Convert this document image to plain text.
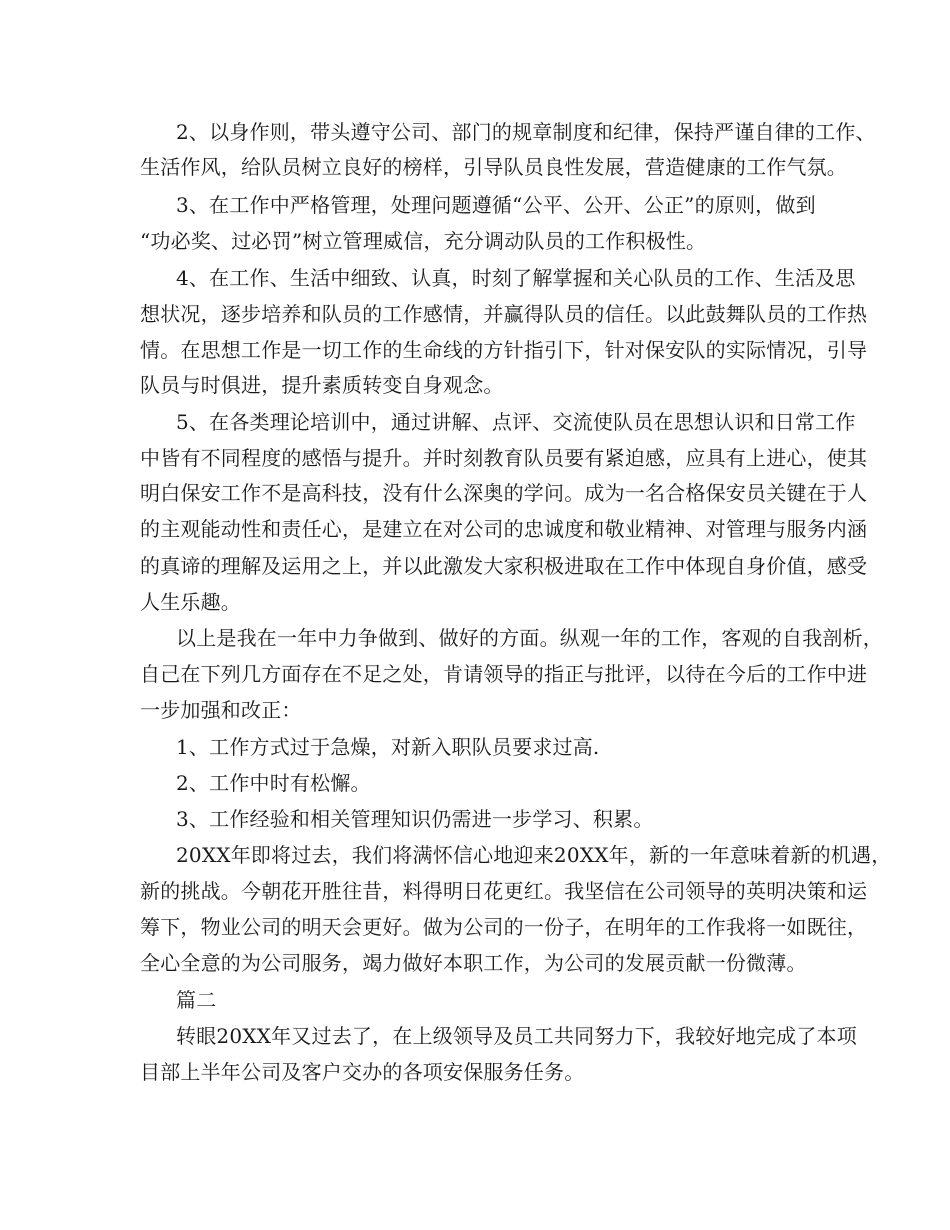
2、以身作则，带头遵守公司、部门的规章制度和纪律，保持严谨自律的工作、
生活作风，给队员树立良好的榜样，引导队员良性发展，营造健康的工作气氛。
3、在工作中严格管理，处理问题遵循“公平、公开、公正”的原则，做到
“功必奖、过必罚”树立管理威信，充分调动队员的工作积极性。
4、在工作、生活中细致、认真，时刻了解掌握和关心队员的工作、生活及思
想状况，逐步培养和队员的工作感情，并赢得队员的信任。以此鼓舞队员的工作热
情。在思想工作是一切工作的生命线的方针指引下，针对保安队的实际情况，引导
队员与时俱进，提升素质转变自身观念。
5、在各类理论培训中，通过讲解、点评、交流使队员在思想认识和日常工作
中皆有不同程度的感悟与提升。并时刻教育队员要有紧迫感，应具有上进心，使其
明白保安工作不是高科技，没有什么深奥的学问。成为一名合格保安员关键在于人
的主观能动性和责任心，是建立在对公司的忠诚度和敬业精神、对管理与服务内涵
的真谛的理解及运用之上，并以此激发大家积极进取在工作中体现自身价值，感受
人生乐趣。
以上是我在一年中力争做到、做好的方面。纵观一年的工作，客观的自我剖析，
自己在下列几方面存在不足之处，肯请领导的指正与批评，以待在今后的工作中进
一步加强和改正：
1、工作方式过于急燥，对新入职队员要求过高.
2、工作中时有松懈。
3、工作经验和相关管理知识仍需进一步学习、积累。
20XX年即将过去，我们将满怀信心地迎来20XX年，新的一年意味着新的机遇，
新的挑战。今朝花开胜往昔，料得明日花更红。我坚信在公司领导的英明决策和运
筹下，物业公司的明天会更好。做为公司的一份子，在明年的工作我将一如既往，
全心全意的为公司服务，竭力做好本职工作，为公司的发展贡献一份微薄。
篇二
转眼20XX年又过去了，在上级领导及员工共同努力下，我较好地完成了本项
目部上半年公司及客户交办的各项安保服务任务。
